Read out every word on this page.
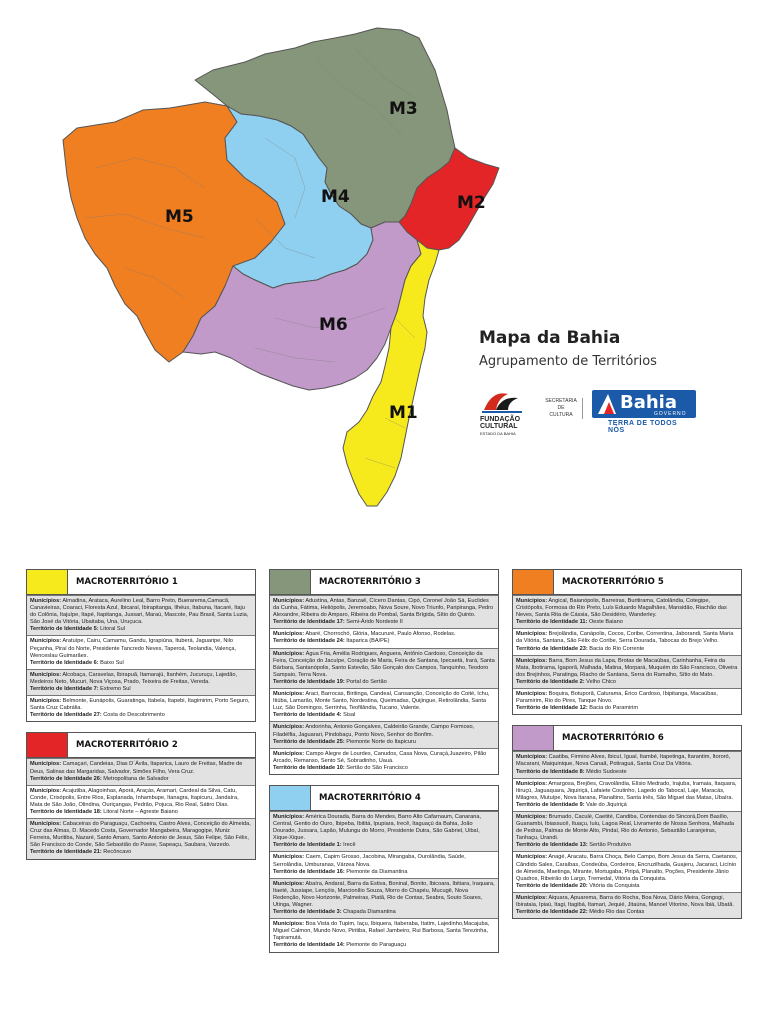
M3
M4
M5
M2
M6
M1

Mapa da Bahia

Agrupamento de Territórios

FUNDAÇÃO
CULTURAL
ESTADO DA BAHIA
SECRETARIA DE
CULTURA
Bahia
GOVERNO
TERRA DE TODOS NÓS
MACROTERRITÓRIO 1
Municípios: Almadina, Arataca, Aurelino Leal, Barro Preto, Buerarema,Camacã, Canavieiras, Coaraci, Floresta Azul, Ibicaraí, Ibirapitanga, Ilhéus, Itabuna, Itacaré, Itaju do Colônia, Itajuípe, Itapé, Itapitanga, Jussari, Maraú, Mascote, Pau Brasil, Santa Luzia, São José da Vitória, Ubaitaba, Una, Uruçuca.
Território de Identidade 5: Litoral Sul
Municípios: Aratuípe, Cairu, Camamu, Gandu, Igrapiúna, Ituberá, Jaguaripe, Nilo Peçanha, Piraí do Norte, Presidente Tancredo Neves, Taperoá, Teolandia, Valença, Wenceslau Guimarães.
Território de Identidade 6: Baixo Sul
Municípios: Alcobaça, Caravelas, Ibirapuã, Itamarajú, Itanhém, Jucuruçu, Lajedão, Medeiros Neto, Mucuri, Nova Viçosa, Prado, Teixeira de Freitas, Vereda.
Território de Identidade 7: Extremo Sul
Municípios: Belmonte, Eunápolis, Guaratinga, Itabela, Itapebi, Itagimirim, Porto Seguro, Santa Cruz Cabrália.
Território de Identidade 27: Costa do Descobrimento
MACROTERRITÓRIO 2
Municípios: Camaçari, Candeias, Dias D´Ávila, Itaparica, Lauro de Freitas, Madre de Deus, Salinas das Margaridas, Salvador, Simões Filho, Vera Cruz.
Território de Identidade 26: Metropolitana de Salvador
Municípios: Acajutiba, Alagoinhas, Aporá, Araçás, Aramari, Cardeal da Silva, Catu, Conde, Crisópolis, Entre Rios, Esplanada, Inhambupe, Itanagra, Itapicuru, Jandaíra, Mata de São João, Olindina, Ouriçangas, Pedrão, Pojuca, Rio Real, Sátiro Dias.
Território de Identidade 18: Litoral Norte – Agreste Baiano
Municípios: Cabaceiras do Paraguaçu, Cachoeira, Castro Alves, Conceição do Almeida, Cruz das Almas, D. Macedo Costa, Governador Mangabeira, Maragogipe, Muniz Ferreira, Muritiba, Nazaré, Santo Amaro, Santo Antonio de Jesus, São Felipe, São Félix, São Francisco do Conde, São Sebastião do Passe, Sapeaçu, Saubara, Varzedo.
Território de Identidade 21: Recôncavo
MACROTERRITÓRIO 3
Municípios: Adustina, Antas, Banzaê, Cícero Dantas, Cipó, Coronel João Sá, Euclides da Cunha, Fátima, Heliópolis, Jeremoabo, Nova Soure, Novo Triunfo, Paripiranga, Pedro Alexandre, Ribeira do Amparo, Ribeira do Pombal, Santa Brígida, Sítio do Quinto.
Território de Identidade 17: Semi-Árido Nordeste II
Municípios: Abaré, Chorrochó, Glória, Macururé, Paulo Afonso, Rodelas.
Território de Identidade 24: Itaparica (BA/PE)
Municípios: Água Fria, Amélia Rodrigues, Anguera, Antônio Cardoso, Conceição da Feira, Conceição do Jacuípe, Coração de Maria, Feira de Santana, Ipecaetá, Irará, Santa Bárbara, Santanópolis, Santo Estevão, São Gonçalo dos Campos, Tanquinho, Teodoro Sampaio, Terra Nova.
Território de Identidade 19: Portal do Sertão
Municípios: Araci, Barrocas, Biritinga, Candeal, Cansanção, Conceição do Coité, Ichu, Itiúba, Lamarão, Monte Santo, Nordestina, Queimadas, Quijingue, Retirolândia, Santa Luz, São Domingos, Serrinha, Teofilândia, Tucano, Valente.
Território de Identidade 4: Sisal
Municípios: Andorinha, Antonio Gonçalves, Caldeirão Grande, Campo Formoso, Filadélfia, Jaguarari, Pindobaçu, Ponto Novo, Senhor do Bonfim.
Território de Identidade 25: Piemonte Norte do Itapicuru
Municípios: Campo Alegre de Lourdes, Canudos, Casa Nova, Curaçá,Juazeiro, Pilão Arcado, Remanso, Sento Sé, Sobradinho, Uauá.
Território de Identidade 10: Sertão do São Francisco
MACROTERRITÓRIO 4
Municípios: América Dourada, Barra do Mendes, Barro Alto Cafarnaum, Canarana, Central, Gentio do Ouro, Ibipeba, Ibititá, Ipupiara, Irecê, Itaguaçú da Bahia, João Dourado, Jussara, Lapão, Mulungu do Morro, Presidente Dutra, São Gabriel, Uibaí, Xique-Xique.
Território de Identidade 1: Irecê
Municípios: Caem, Capim Grosso, Jacobina, Mirangaba, Ourolândia, Saúde, Serrolândia, Umburanas, Várzea Nova.
Território de Identidade 16: Piemonte da Diamantina
Municípios: Abaíra, Andaraí, Barra da Estiva, Boninal, Bonito, Ibicoara, Ibitiara, Iraquara, Itaeté, Jussiape, Lençóis, Marcionílio Souza, Morro do Chapéu, Mucugê, Nova Redenção, Novo Horizonte, Palmeiras, Piatã, Rio de Contas, Seabra, Souto Soares, Utinga, Wagner.
Território de Identidade 3: Chapada Diamantina
Municípios: Boa Vista do Tupim, Iaçu, Ibiquera, Itaberaba, Itatim, Lajedinho,Macajuba, Miguel Calmon, Mundo Novo, Piritiba, Rafael Jambeiro, Rui Barbosa, Santa Terezinha, Tapiramutá.
Território de Identidade 14: Piemonte do Paraguaçu
MACROTERRITÓRIO 5
Municípios: Angical, Baianópolis, Barreiras, Buritirama, Catolândia, Cotegipe, Cristópolis, Formosa do Rio Preto, Luís Eduardo Magalhães, Mansidão, Riachão das Neves, Santa Rita de Cássia, São Desidério, Wanderley.
Território de Identidade 11: Oeste Baiano
Municípios: Brejolândia, Canápolis, Cocos, Coribe, Correntina, Jaborandi, Santa Maria da Vitória, Santana, São Félix do Coribe, Serra Dourada, Tabocas do Brejo Velho.
Território de Identidade 23: Bacia do Rio Corrente
Municípios: Barra, Bom Jesus da Lapa, Brotas de Macaúbas, Carinhanha, Feira da Mata, Ibotirama, Igaporã, Malhada, Matina, Morpará, Muquém do São Francisco, Oliveira dos Brejinhos, Paratinga, Riacho de Santana, Serra do Ramalho, Sítio do Mato.
Território de Identidade 2: Velho Chico
Municípios: Boquira, Botuporã, Caturama, Érico Cardoso, Ibipitanga, Macaúbas, Paramirim, Rio do Pires, Tanque Novo.
Território de Identidade 12: Bacia do Paramirim
MACROTERRITÓRIO 6
Municípios: Caatiba, Firmino Alves, Ibicuí, Iguaí, Itambé, Itapetinga, Itarantim, Itororó, Macarani, Maiquinique, Nova Canaã, Potiraguá, Santa Cruz Da Vitória.
Território de Identidade 8: Médio Sudoeste
Municípios: Amargosa, Brejões, Cravolândia, Elísio Medrado, Irajuba, Iramaia, Itaquara, Itiruçú, Jaguaquara, Jiquiriçá, Lafaiete Coutinho, Lagedo do Tabocal, Laje, Maracás, Milagres, Mutuípe, Nova Itarana, Planaltino, Santa Inês, São Miguel das Matas, Ubaíra.
Território de Identidade 9: Vale do Jiquiriçá
Municípios: Brumado, Caculé, Caetité, Candiba, Contendas do Sincorá,Dom Basílio, Guanambi, Ibiassucê, Ituaçu, Iuiu, Lagoa Real, Livramento de Nossa Senhora, Malhada de Pedras, Palmas de Monte Alto, Pindaí, Rio do Antonio, Sebastião Laranjeiras, Tanhaçu, Urandi.
Território de Identidade 13: Sertão Produtivo
Municípios: Anagé, Aracatu, Barra Choça, Belo Campo, Bom Jesus da Serra, Caetanos, Cândido Sales, Caraíbas, Condeúba, Cordeiros, Encruzilhada, Guajeru, Jacaraci, Licínio de Almeida, Maetinga, Mirante, Mortugaba, Piripá, Planalto, Poções, Presidente Jânio Quadros, Ribeirão do Largo, Tremedal, Vitória da Conquista.
Território de Identidade 20: Vitória da Conquista
Municípios: Aiquara, Apuarema, Barra do Rocha, Boa Nova, Dário Meira, Gongogi, Ibirataia, Ipiaú, Itagi, Itagibá, Itamari, Jequié, Jitaúna, Manoel Vitorino, Nova Ibiá, Ubatã.
Território de Identidade 22: Médio Rio das Contas
